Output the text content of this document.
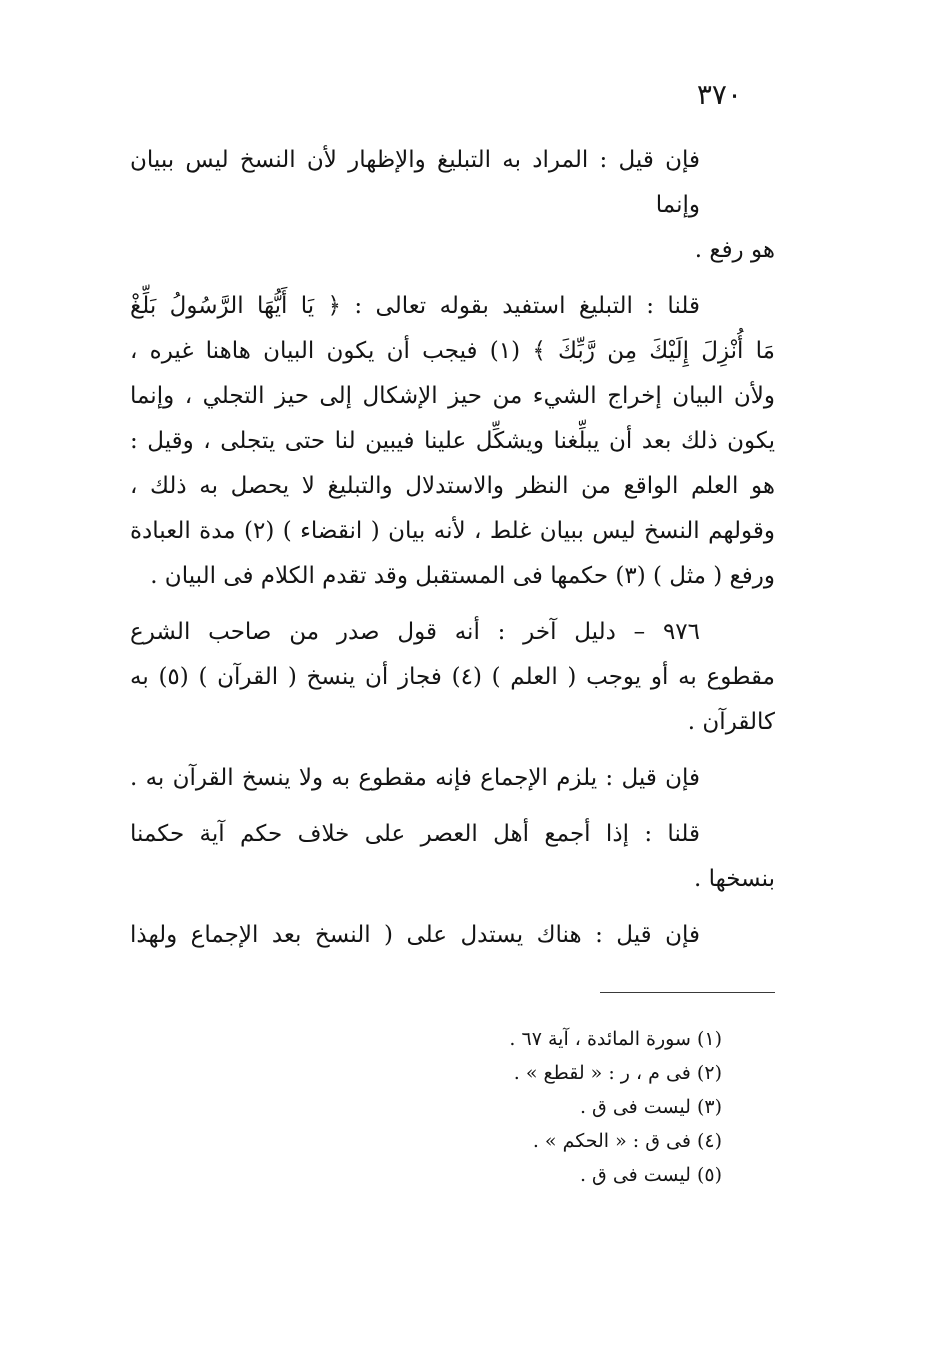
٣٧٠

فإن قيل : المراد به التبليغ والإظهار لأن النسخ ليس ببيان وإنما
هو رفع .

قلنا : التبليغ استفيد بقوله تعالى : ﴿ يَا أَيُّهَا الرَّسُولُ بَلِّغْ
مَا أُنْزِلَ إِلَيْكَ مِن رَّبِّكَ ﴾ (١) فيجب أن يكون البيان هاهنا غيره ،
ولأن البيان إخراج الشيء من حيز الإشكال إلى حيز التجلي ، وإنما
يكون ذلك بعد أن يبلِّغنا ويشكِّل علينا فيبين لنا حتى يتجلى ، وقيل :
هو العلم الواقع من النظر والاستدلال والتبليغ لا يحصل به ذلك ،
وقولهم النسخ ليس ببيان غلط ، لأنه بيان ( انقضاء ) (٢) مدة العبادة
ورفع ( مثل ) (٣) حكمها فى المستقبل وقد تقدم الكلام فى البيان .

٩٧٦ – دليل آخر : أنه قول صدر من صاحب الشرع
مقطوع به أو يوجب ( العلم ) (٤) فجاز أن ينسخ ( القرآن ) (٥) به
كالقرآن .

فإن قيل : يلزم الإجماع فإنه مقطوع به ولا ينسخ القرآن به .

قلنا : إذا أجمع أهل العصر على خلاف حكم آية حكمنا
بنسخها .

فإن قيل : هناك يستدل على ( النسخ بعد الإجماع ولهذا

(١) سورة المائدة ، آية ٦٧ .
(٢) فى م ، ر : « لقطع » .
(٣) ليست فى ق .
(٤) فى ق : « الحكم » .
(٥) ليست فى ق .
